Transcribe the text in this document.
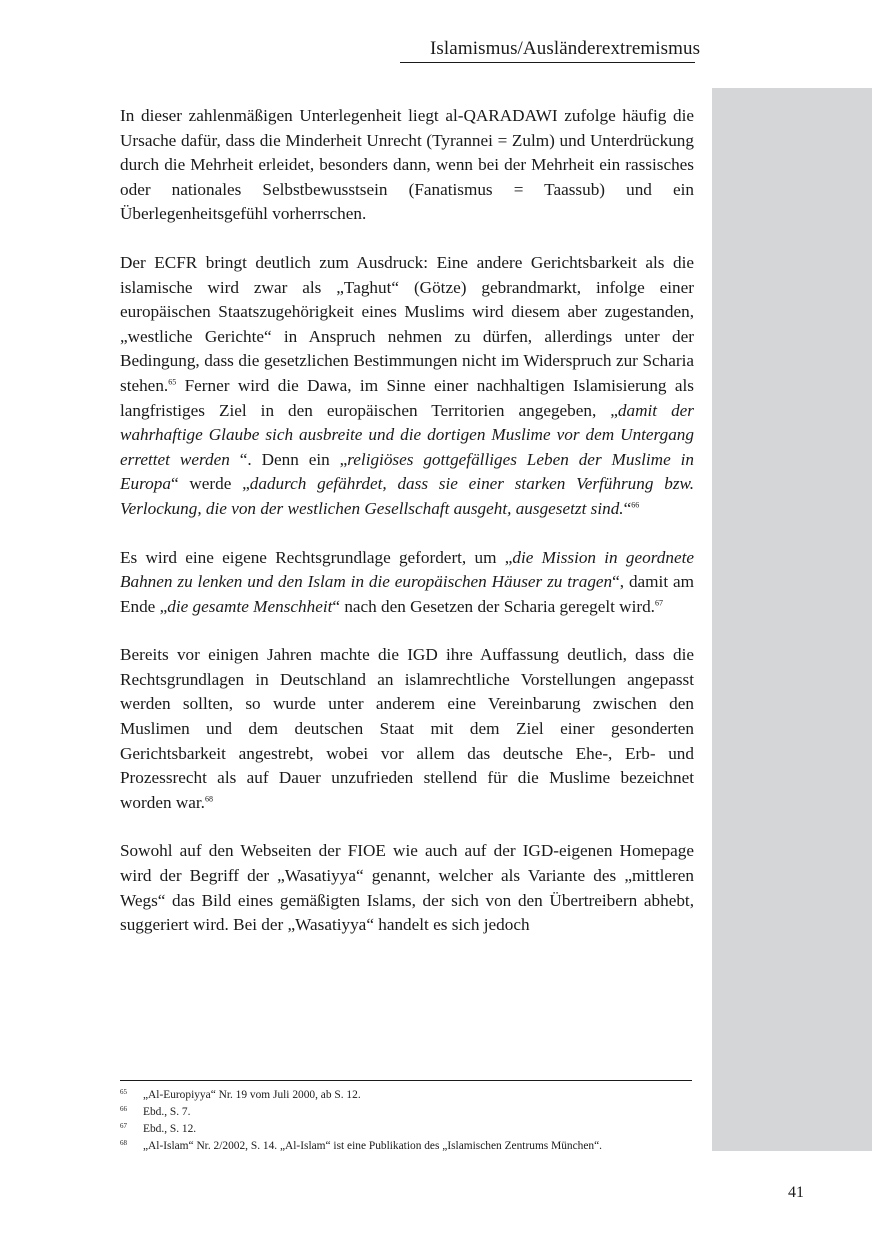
Islamismus/Ausländerextremismus

In dieser zahlenmäßigen Unterlegenheit liegt al-QARADAWI zufolge häufig die Ursache dafür, dass die Minderheit Unrecht (Tyrannei = Zulm) und Unterdrückung durch die Mehrheit erleidet, besonders dann, wenn bei der Mehrheit ein rassisches oder nationales Selbstbewusstsein (Fanatismus = Taassub) und ein Überlegenheitsgefühl vorherrschen.

Der ECFR bringt deutlich zum Ausdruck: Eine andere Gerichtsbarkeit als die islamische wird zwar als „Taghut“ (Götze) gebrandmarkt, infolge einer europäischen Staatszugehörigkeit eines Muslims wird diesem aber zugestanden, „westliche Gerichte“ in Anspruch nehmen zu dürfen, allerdings unter der Bedingung, dass die gesetzlichen Bestimmungen nicht im Widerspruch zur Scharia stehen.$^{65}$ Ferner wird die Dawa, im Sinne einer nachhaltigen Islamisierung als langfristiges Ziel in den europäischen Territorien angegeben, „damit der wahrhaftige Glaube sich ausbreite und die dortigen Muslime vor dem Untergang errettet werden “. Denn ein „religiöses gottgefälliges Leben der Muslime in Europa“ werde „dadurch gefährdet, dass sie einer starken Verführung bzw. Verlockung, die von der westlichen Gesellschaft ausgeht, ausgesetzt sind.“$^{66}$

Es wird eine eigene Rechtsgrundlage gefordert, um „die Mission in geordnete Bahnen zu lenken und den Islam in die europäischen Häuser zu tragen“, damit am Ende „die gesamte Menschheit“ nach den Gesetzen der Scharia geregelt wird.$^{67}$

Bereits vor einigen Jahren machte die IGD ihre Auffassung deutlich, dass die Rechtsgrundlagen in Deutschland an islamrechtliche Vorstellungen angepasst werden sollten, so wurde unter anderem eine Vereinbarung zwischen den Muslimen und dem deutschen Staat mit dem Ziel einer gesonderten Gerichtsbarkeit angestrebt, wobei vor allem das deutsche Ehe-, Erb- und Prozessrecht als auf Dauer unzufrieden stellend für die Muslime bezeichnet worden war.$^{68}$

Sowohl auf den Webseiten der FIOE wie auch auf der IGD-eigenen Homepage wird der Begriff der „Wasatiyya“ genannt, welcher als Variante des „mittleren Wegs“ das Bild eines gemäßigten Islams, der sich von den Übertreibern abhebt, suggeriert wird. Bei der „Wasatiyya“ handelt es sich jedoch

65 „Al-Europiyya“ Nr. 19 vom Juli 2000, ab S. 12.
66 Ebd., S. 7.
67 Ebd., S. 12.
68 „Al-Islam“ Nr. 2/2002, S. 14. „Al-Islam“ ist eine Publikation des „Islamischen Zentrums München“.
41
